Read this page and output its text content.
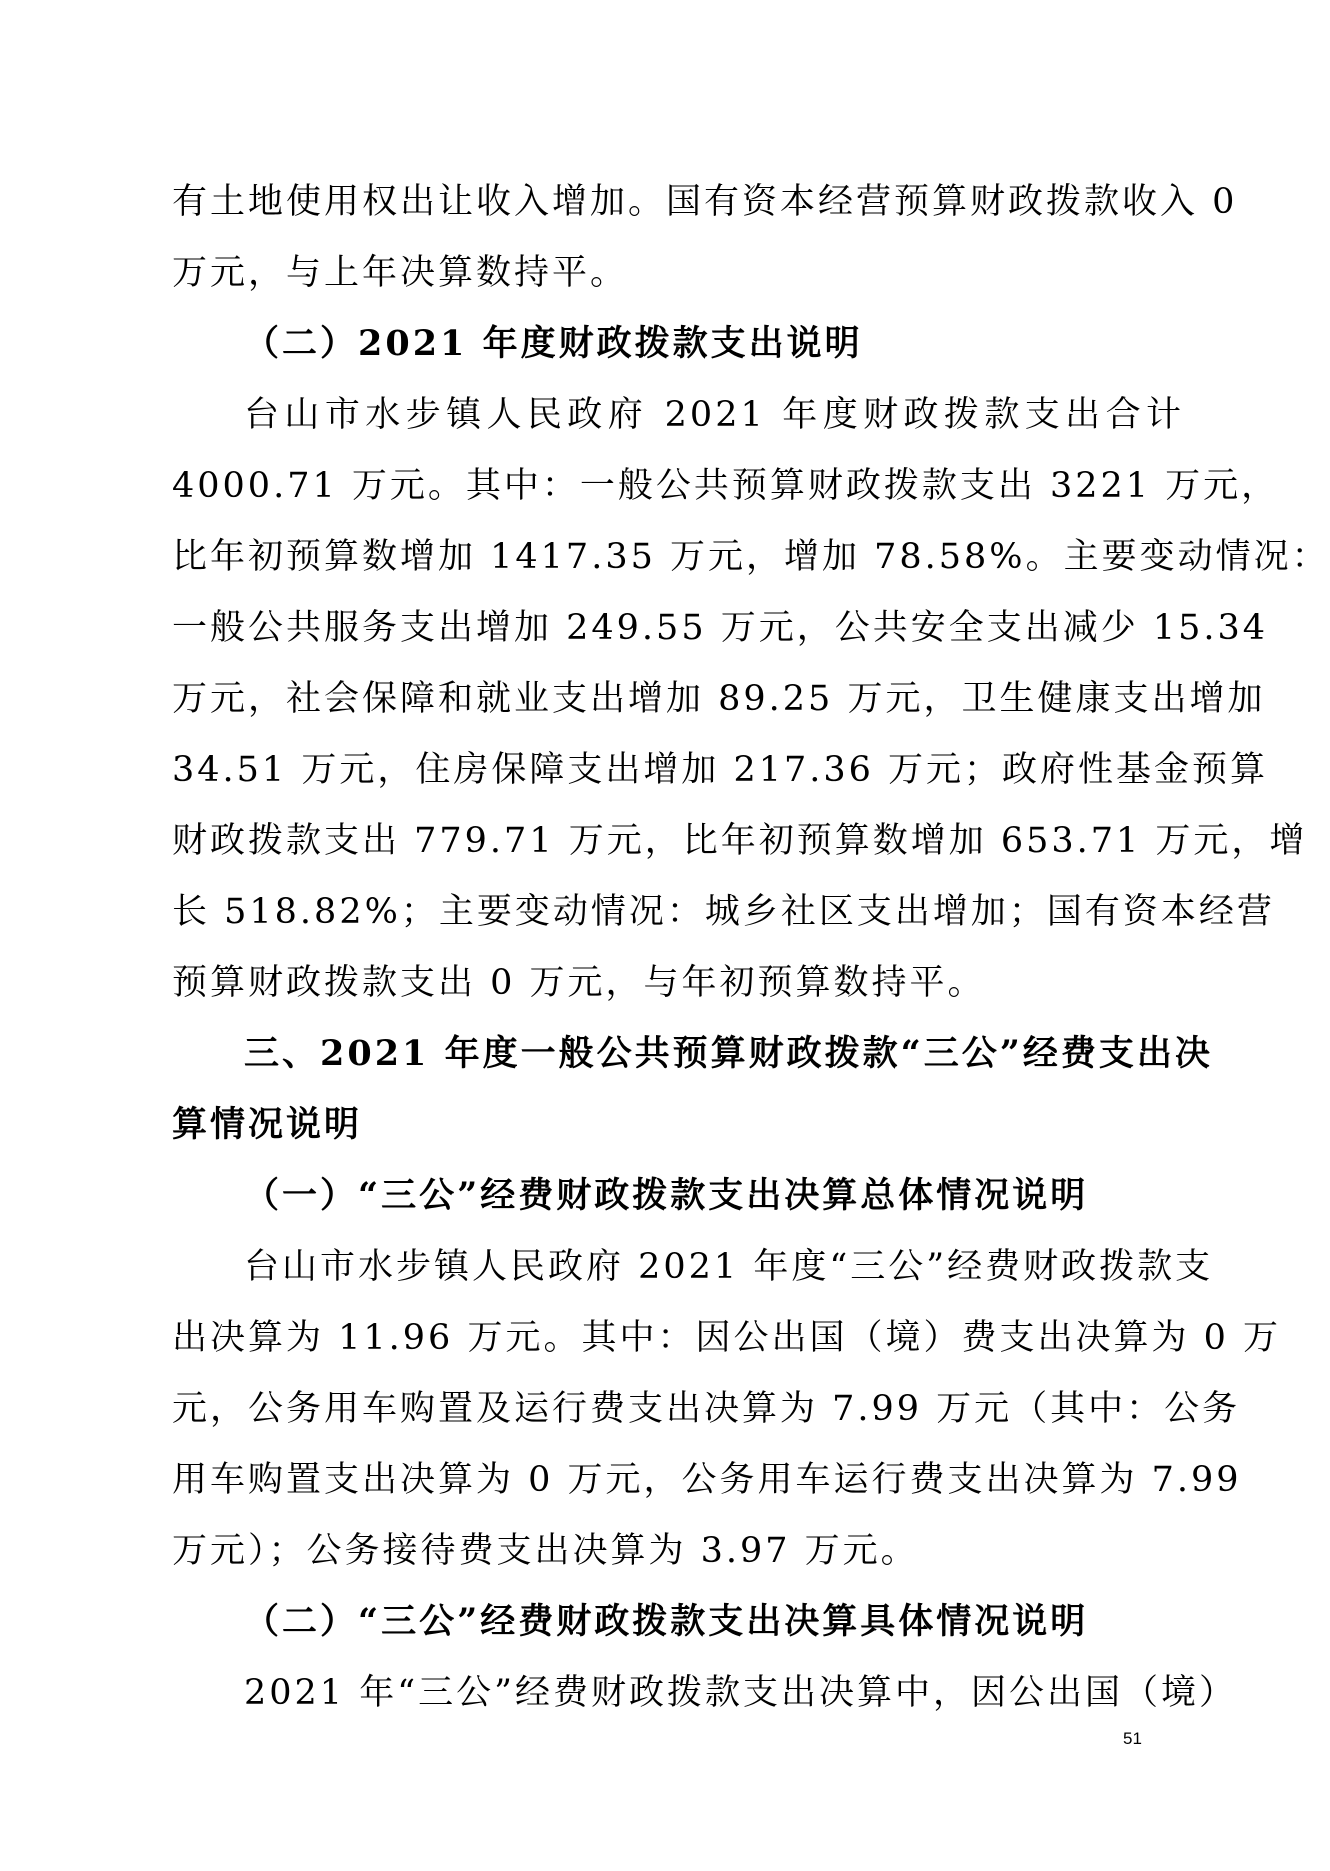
有土地使用权出让收入增加。国有资本经营预算财政拨款收入 0
万元，与上年决算数持平。
（二）2021 年度财政拨款支出说明
台山市水步镇人民政府 2021 年度财政拨款支出合计
4000.71 万元。其中：一般公共预算财政拨款支出 3221 万元，
比年初预算数增加 1417.35 万元，增加 78.58%。主要变动情况：
一般公共服务支出增加 249.55 万元，公共安全支出减少 15.34
万元，社会保障和就业支出增加 89.25 万元，卫生健康支出增加
34.51 万元，住房保障支出增加 217.36 万元；政府性基金预算
财政拨款支出 779.71 万元，比年初预算数增加 653.71 万元，增
长 518.82%；主要变动情况：城乡社区支出增加；国有资本经营
预算财政拨款支出 0 万元，与年初预算数持平。
三、2021 年度一般公共预算财政拨款“三公”经费支出决
算情况说明
（一）“三公”经费财政拨款支出决算总体情况说明
台山市水步镇人民政府 2021 年度“三公”经费财政拨款支
出决算为 11.96 万元。其中：因公出国（境）费支出决算为 0 万
元，公务用车购置及运行费支出决算为 7.99 万元（其中：公务
用车购置支出决算为 0 万元，公务用车运行费支出决算为 7.99
万元）；公务接待费支出决算为 3.97 万元。
（二）“三公”经费财政拨款支出决算具体情况说明
2021 年“三公”经费财政拨款支出决算中，因公出国（境）
51
